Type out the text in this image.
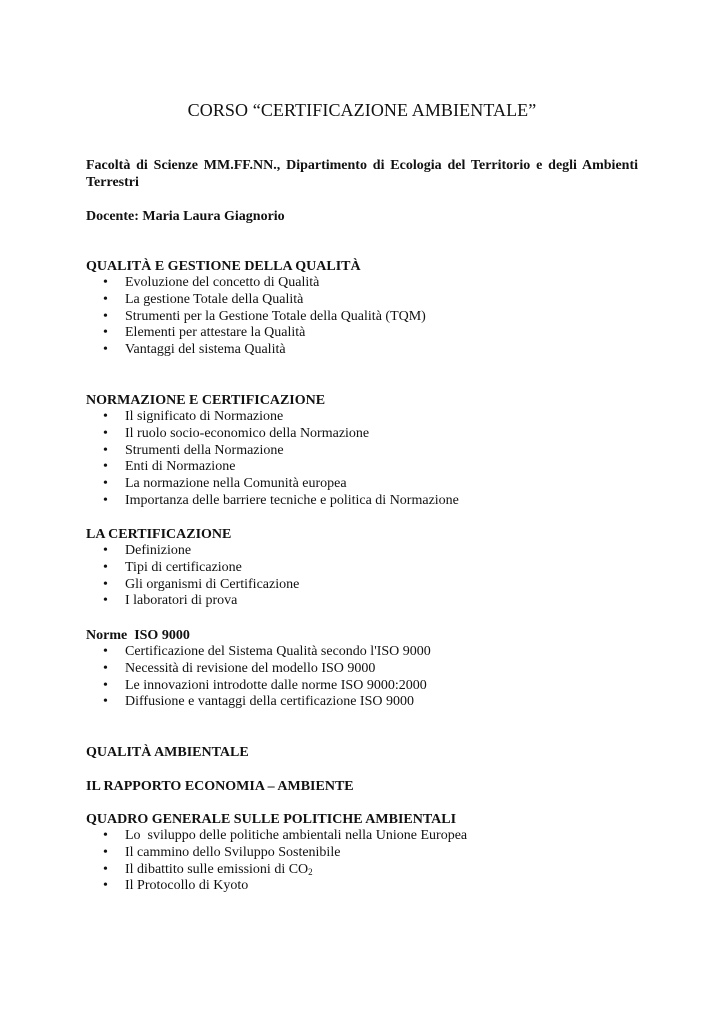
CORSO “CERTIFICAZIONE AMBIENTALE”
Facoltà di Scienze MM.FF.NN., Dipartimento di Ecologia del Territorio e degli Ambienti Terrestri
Docente: Maria Laura Giagnorio

QUALITÀ E GESTIONE DELLA QUALITÀ

• Evoluzione del concetto di Qualità
• La gestione Totale della Qualità
• Strumenti per la Gestione Totale della Qualità (TQM)
• Elementi per attestare la Qualità
• Vantaggi del sistema Qualità

NORMAZIONE E CERTIFICAZIONE

• Il significato di Normazione
• Il ruolo socio-economico della Normazione
• Strumenti della Normazione
• Enti di Normazione
• La normazione nella Comunità europea
• Importanza delle barriere tecniche e politica di Normazione

LA CERTIFICAZIONE

• Definizione
• Tipi di certificazione
• Gli organismi di Certificazione
• I laboratori di prova

Norme  ISO 9000

• Certificazione del Sistema Qualità secondo l'ISO 9000
• Necessità di revisione del modello ISO 9000
• Le innovazioni introdotte dalle norme ISO 9000:2000
• Diffusione e vantaggi della certificazione ISO 9000

QUALITÀ AMBIENTALE

IL RAPPORTO ECONOMIA – AMBIENTE

QUADRO GENERALE SULLE POLITICHE AMBIENTALI

• Lo  sviluppo delle politiche ambientali nella Unione Europea
• Il cammino dello Sviluppo Sostenibile
• Il dibattito sulle emissioni di $CO_2$
• Il Protocollo di Kyoto
